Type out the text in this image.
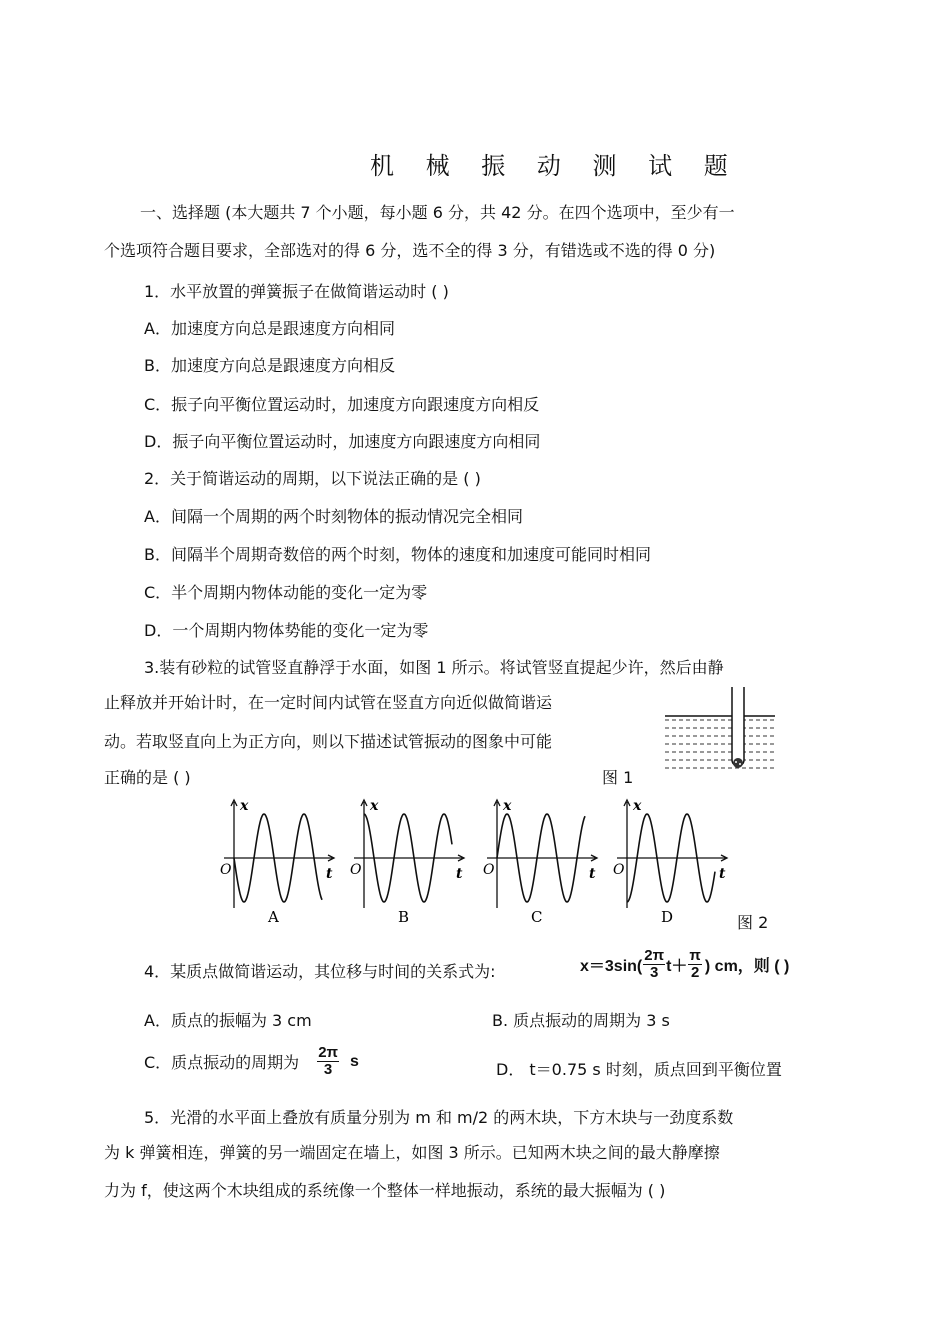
机 械 振 动 测 试 题
一、选择题 (本大题共 7 个小题，每小题 6 分，共 42 分。在四个选项中，至少有一
个选项符合题目要求，全部选对的得 6 分，选不全的得 3 分，有错选或不选的得 0 分)
1．水平放置的弹簧振子在做简谐运动时 ( )
A．加速度方向总是跟速度方向相同
B．加速度方向总是跟速度方向相反
C．振子向平衡位置运动时，加速度方向跟速度方向相反
D．振子向平衡位置运动时，加速度方向跟速度方向相同
2．关于简谐运动的周期，以下说法正确的是 ( )
A．间隔一个周期的两个时刻物体的振动情况完全相同
B．间隔半个周期奇数倍的两个时刻，物体的速度和加速度可能同时相同
C．半个周期内物体动能的变化一定为零
D．一个周期内物体势能的变化一定为零
3.装有砂粒的试管竖直静浮于水面，如图 1 所示。将试管竖直提起少许，然后由静
止释放并开始计时，在一定时间内试管在竖直方向近似做简谐运
动。若取竖直向上为正方向，则以下描述试管振动的图象中可能
正确的是 ( )	图 1
x
t
O
A
x
t
O
B
x
t
O
C
x
t
O
D	图 2
4．某质点做简谐运动，其位移与时间的关系式为:	$x=3\sin( \frac{2\pi}{3} t+ \frac{\pi}{2}$ ) cm，则 ( )
A．质点的振幅为 3 cm	B. 质点振动的周期为 3 s
C．质点振动的周期为 $\frac{2\pi}{3}$ s	D． t＝0.75 s 时刻，质点回到平衡位置
5．光滑的水平面上叠放有质量分别为 m 和 m/2 的两木块，下方木块与一劲度系数
为 k 弹簧相连，弹簧的另一端固定在墙上，如图 3 所示。已知两木块之间的最大静摩擦
力为 f，使这两个木块组成的系统像一个整体一样地振动，系统的最大振幅为 ( )
